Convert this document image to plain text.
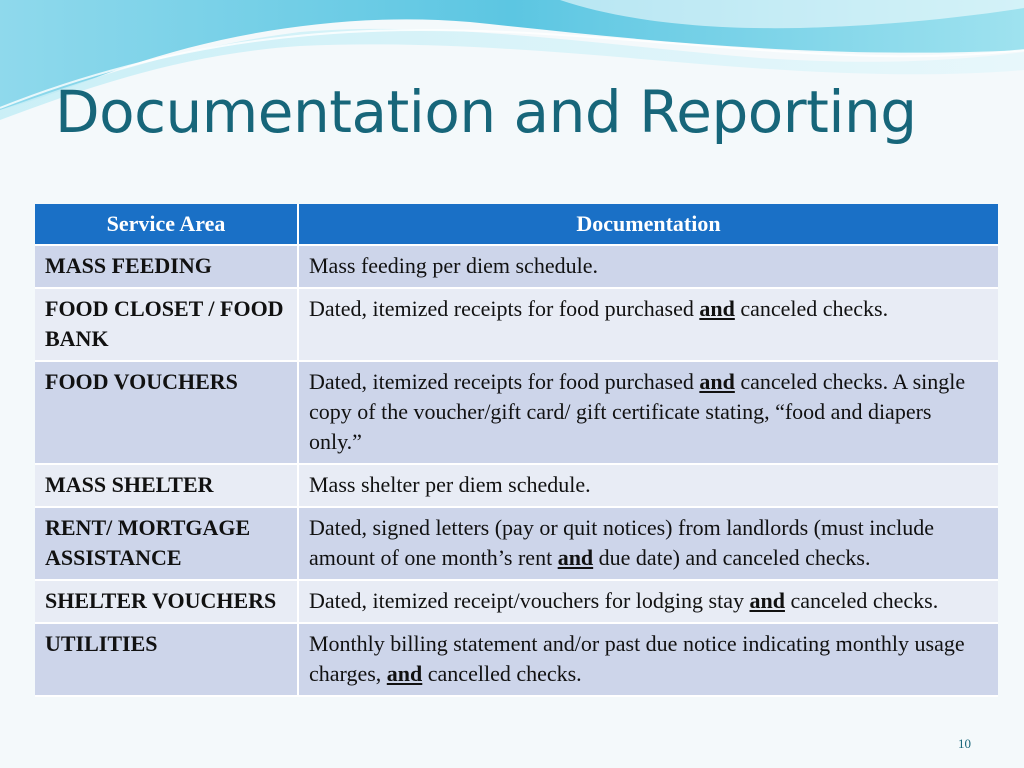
Documentation and Reporting
Service Area	Documentation
MASS FEEDING	Mass feeding per diem schedule.
FOOD CLOSET / FOOD BANK	Dated, itemized receipts for food purchased and canceled checks.
FOOD VOUCHERS	Dated, itemized receipts for food purchased and canceled checks. A single copy of the voucher/gift card/ gift certificate stating, “food and diapers only.”
MASS SHELTER	Mass shelter per diem schedule.
RENT/ MORTGAGE ASSISTANCE	Dated, signed letters (pay or quit notices) from landlords (must include amount of one month’s rent and due date) and canceled checks.
SHELTER VOUCHERS	Dated, itemized receipt/vouchers for lodging stay and canceled checks.
UTILITIES	Monthly billing statement and/or past due notice indicating monthly usage charges, and cancelled checks.
10
